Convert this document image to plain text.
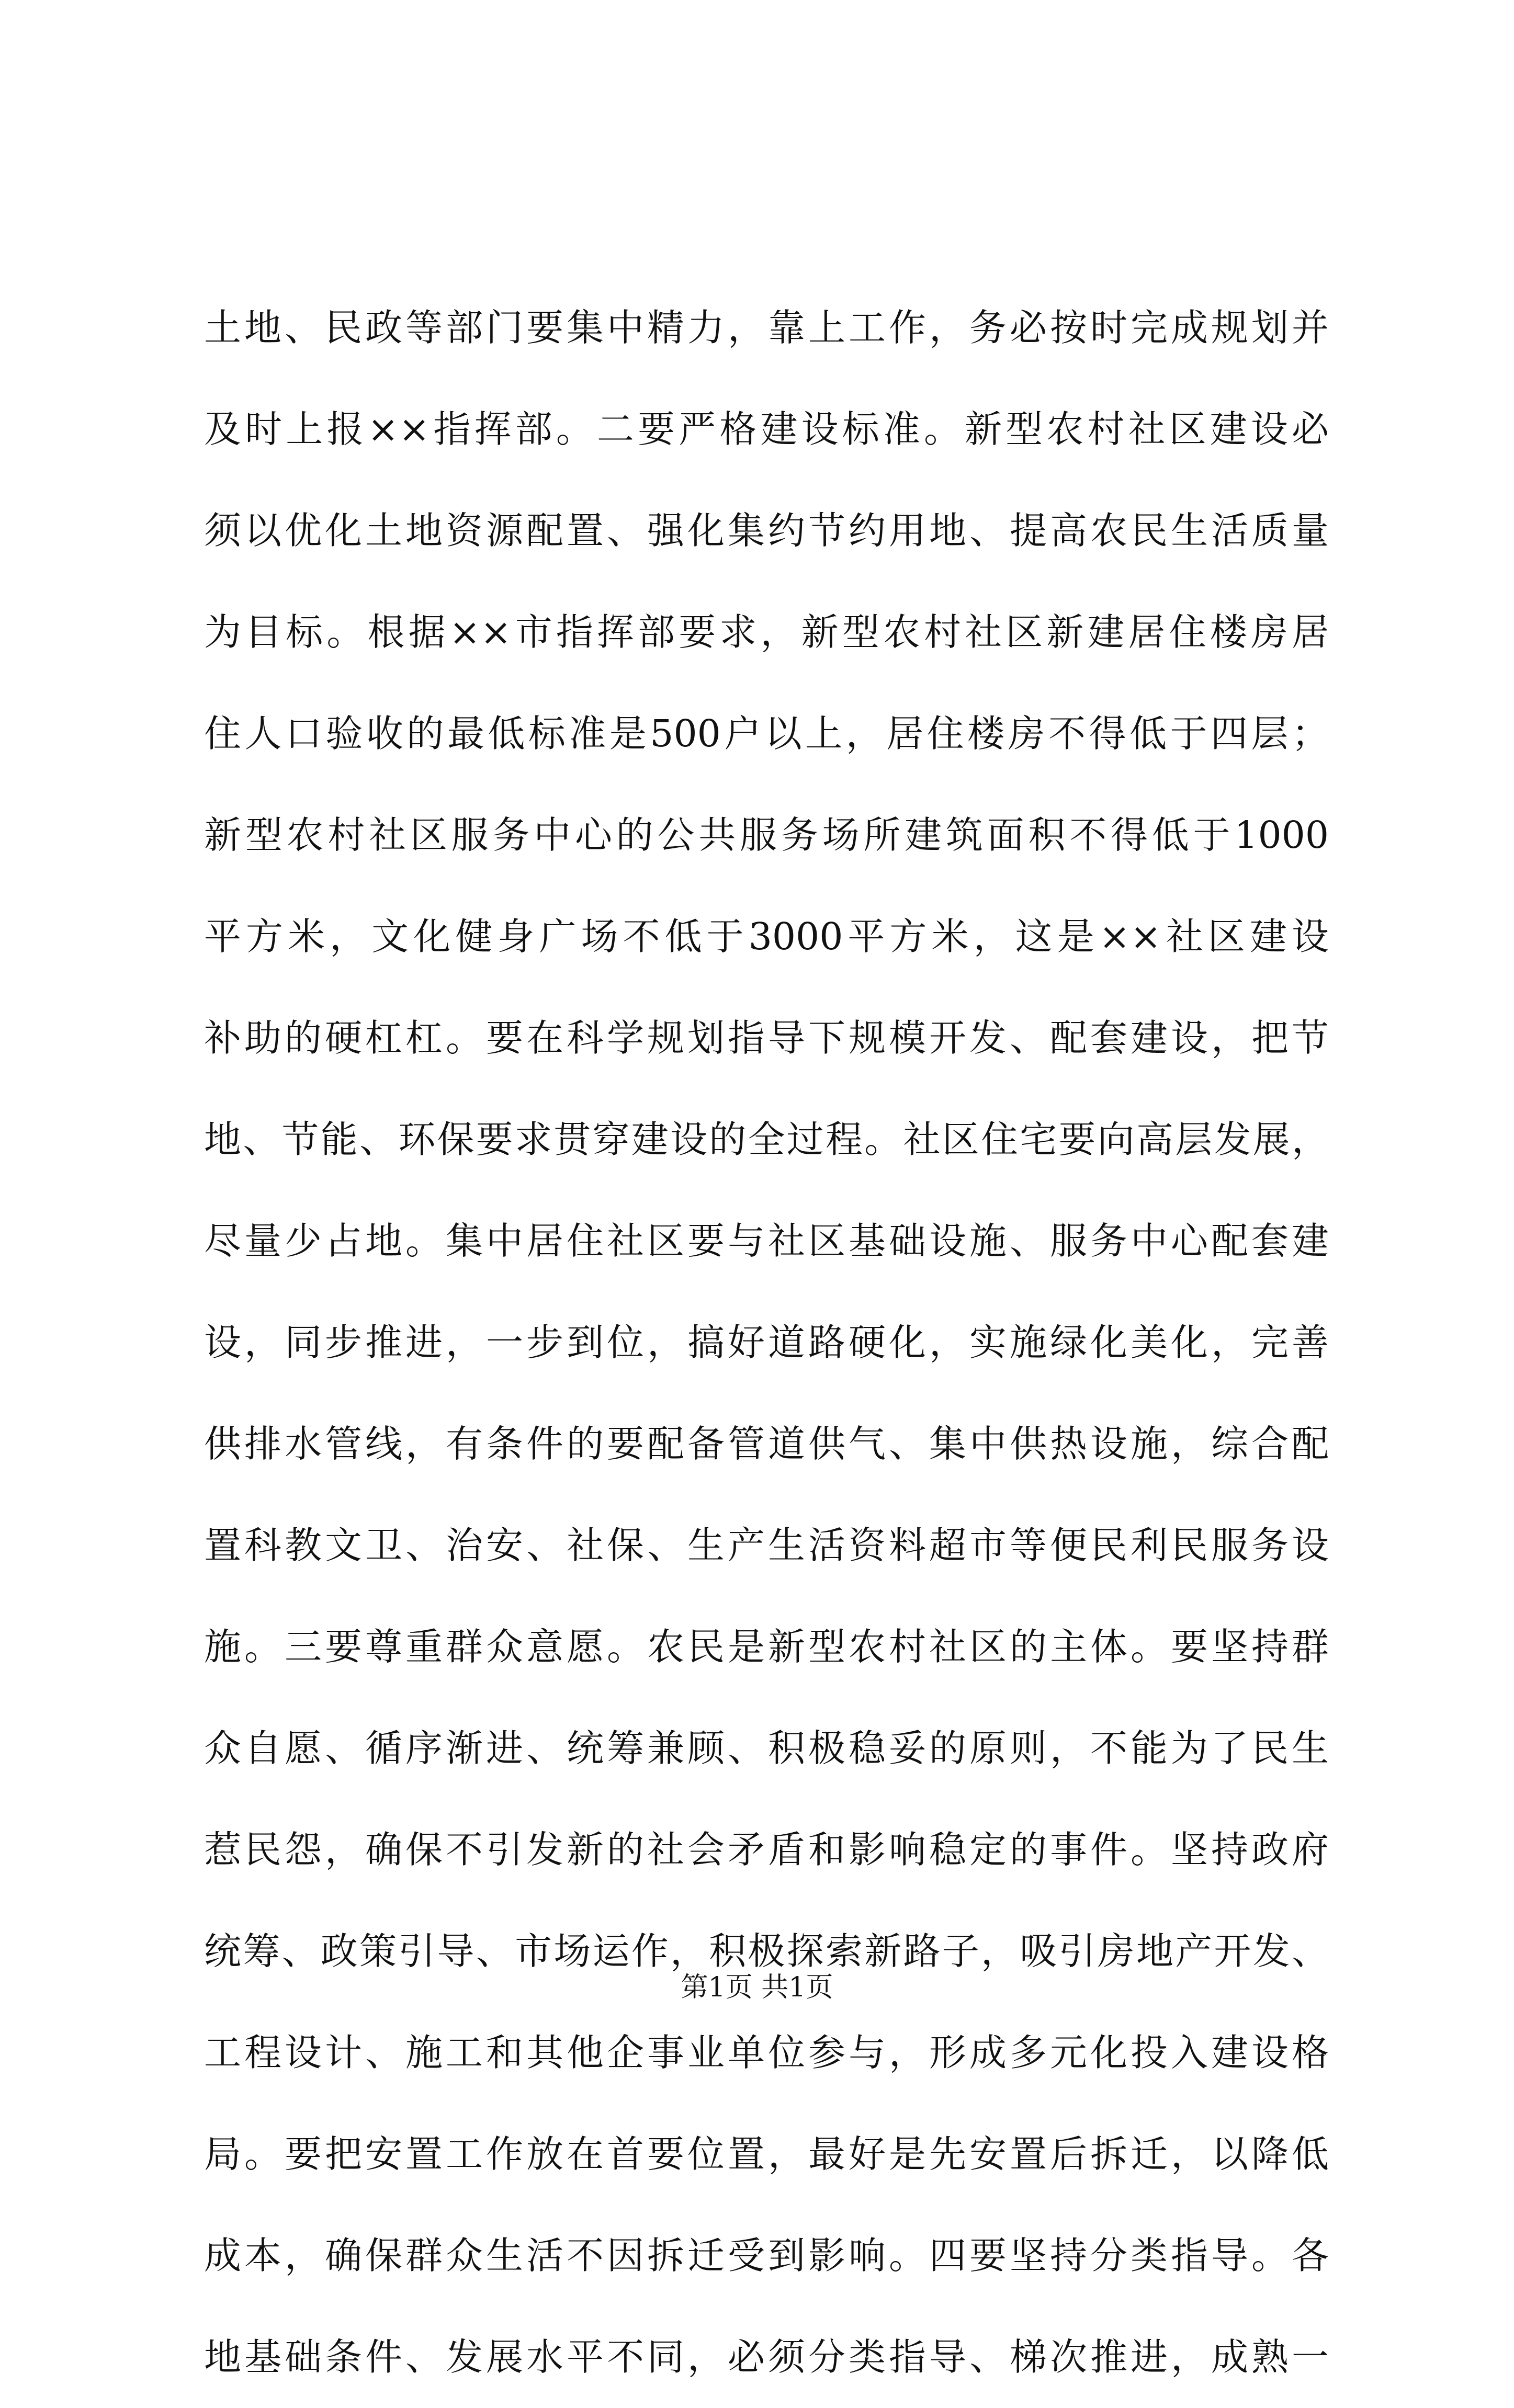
土地、民政等部门要集中精力，靠上工作，务必按时完成规划并
及时上报××指挥部。二要严格建设标准。新型农村社区建设必
须以优化土地资源配置、强化集约节约用地、提高农民生活质量
为目标。根据××市指挥部要求，新型农村社区新建居住楼房居
住人口验收的最低标准是500户以上，居住楼房不得低于四层；
新型农村社区服务中心的公共服务场所建筑面积不得低于1000
平方米，文化健身广场不低于3000平方米，这是××社区建设
补助的硬杠杠。要在科学规划指导下规模开发、配套建设，把节
地、节能、环保要求贯穿建设的全过程。社区住宅要向高层发展，
尽量少占地。集中居住社区要与社区基础设施、服务中心配套建
设，同步推进，一步到位，搞好道路硬化，实施绿化美化，完善
供排水管线，有条件的要配备管道供气、集中供热设施，综合配
置科教文卫、治安、社保、生产生活资料超市等便民利民服务设
施。三要尊重群众意愿。农民是新型农村社区的主体。要坚持群
众自愿、循序渐进、统筹兼顾、积极稳妥的原则，不能为了民生
惹民怨，确保不引发新的社会矛盾和影响稳定的事件。坚持政府
统筹、政策引导、市场运作，积极探索新路子，吸引房地产开发、
工程设计、施工和其他企事业单位参与，形成多元化投入建设格
局。要把安置工作放在首要位置，最好是先安置后拆迁，以降低
成本，确保群众生活不因拆迁受到影响。四要坚持分类指导。各
地基础条件、发展水平不同，必须分类指导、梯次推进，成熟一
第1页 共1页
